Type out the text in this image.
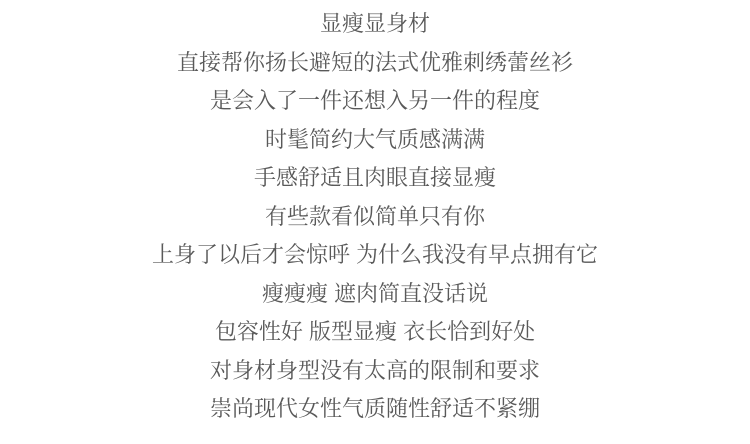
显瘦显身材

直接帮你扬长避短的法式优雅刺绣蕾丝衫

是会入了一件还想入另一件的程度

时髦简约大气质感满满

手感舒适且肉眼直接显瘦

有些款看似简单只有你

上身了以后才会惊呼 为什么我没有早点拥有它

瘦瘦瘦 遮肉简直没话说

包容性好 版型显瘦 衣长恰到好处

对身材身型没有太高的限制和要求

崇尚现代女性气质随性舒适不紧绷
